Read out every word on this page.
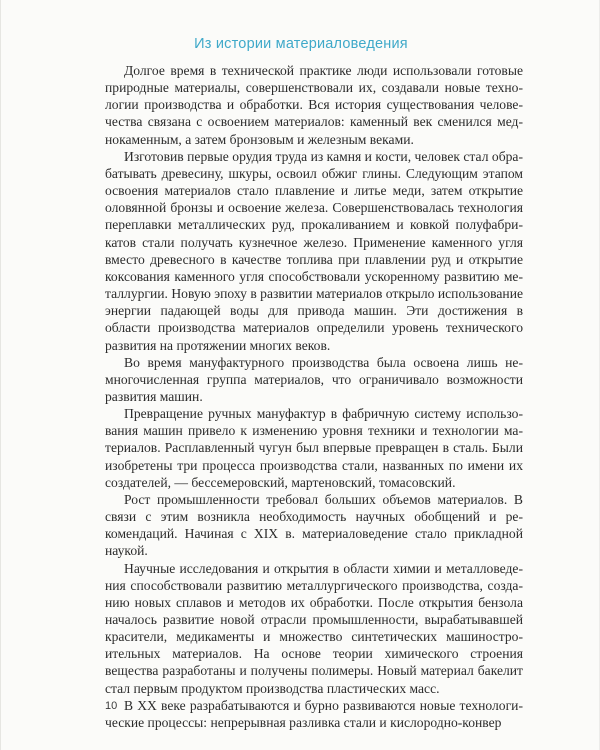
Из истории материаловедения

Долгое время в технической практике люди использовали готовые природные материалы, совершенствовали их, создавали новые технологии производства и обработки. Вся история существования человечества связана с освоением материалов: каменный век сменился меднокаменным, а затем бронзовым и железным веками.

Изготовив первые орудия труда из камня и кости, человек стал обрабатывать древесину, шкуры, освоил обжиг глины. Следующим этапом освоения материалов стало плавление и литье меди, затем открытие оловянной бронзы и освоение железа. Совершенствовалась технология переплавки металлических руд, прокаливанием и ковкой полуфабрикатов стали получать кузнечное железо. Применение каменного угля вместо древесного в качестве топлива при плавлении руд и открытие коксования каменного угля способствовали ускоренному развитию металлургии. Новую эпоху в развитии материалов открыло использование энергии падающей воды для привода машин. Эти достижения в области производства материалов определили уровень технического развития на протяжении многих веков.

Во время мануфактурного производства была освоена лишь немногочисленная группа материалов, что ограничивало возможности развития машин.

Превращение ручных мануфактур в фабричную систему использования машин привело к изменению уровня техники и технологии материалов. Расплавленный чугун был впервые превращен в сталь. Были изобретены три процесса производства стали, названных по имени их создателей, — бессемеровский, мартеновский, томасовский.

Рост промышленности требовал больших объемов материалов. В связи с этим возникла необходимость научных обобщений и рекомендаций. Начиная с XIX в. материаловедение стало прикладной наукой.

Научные исследования и открытия в области химии и металловедения способствовали развитию металлургического производства, созданию новых сплавов и методов их обработки. После открытия бензола началось развитие новой отрасли промышленности, вырабатывавшей красители, медикаменты и множество синтетических машиностроительных материалов. На основе теории химического строения вещества разработаны и получены полимеры. Новый материал бакелит стал первым продуктом производства пластических масс.

В XX веке разрабатываются и бурно развиваются новые технологические процессы: непрерывная разливка стали и кислородно-конвер

10
